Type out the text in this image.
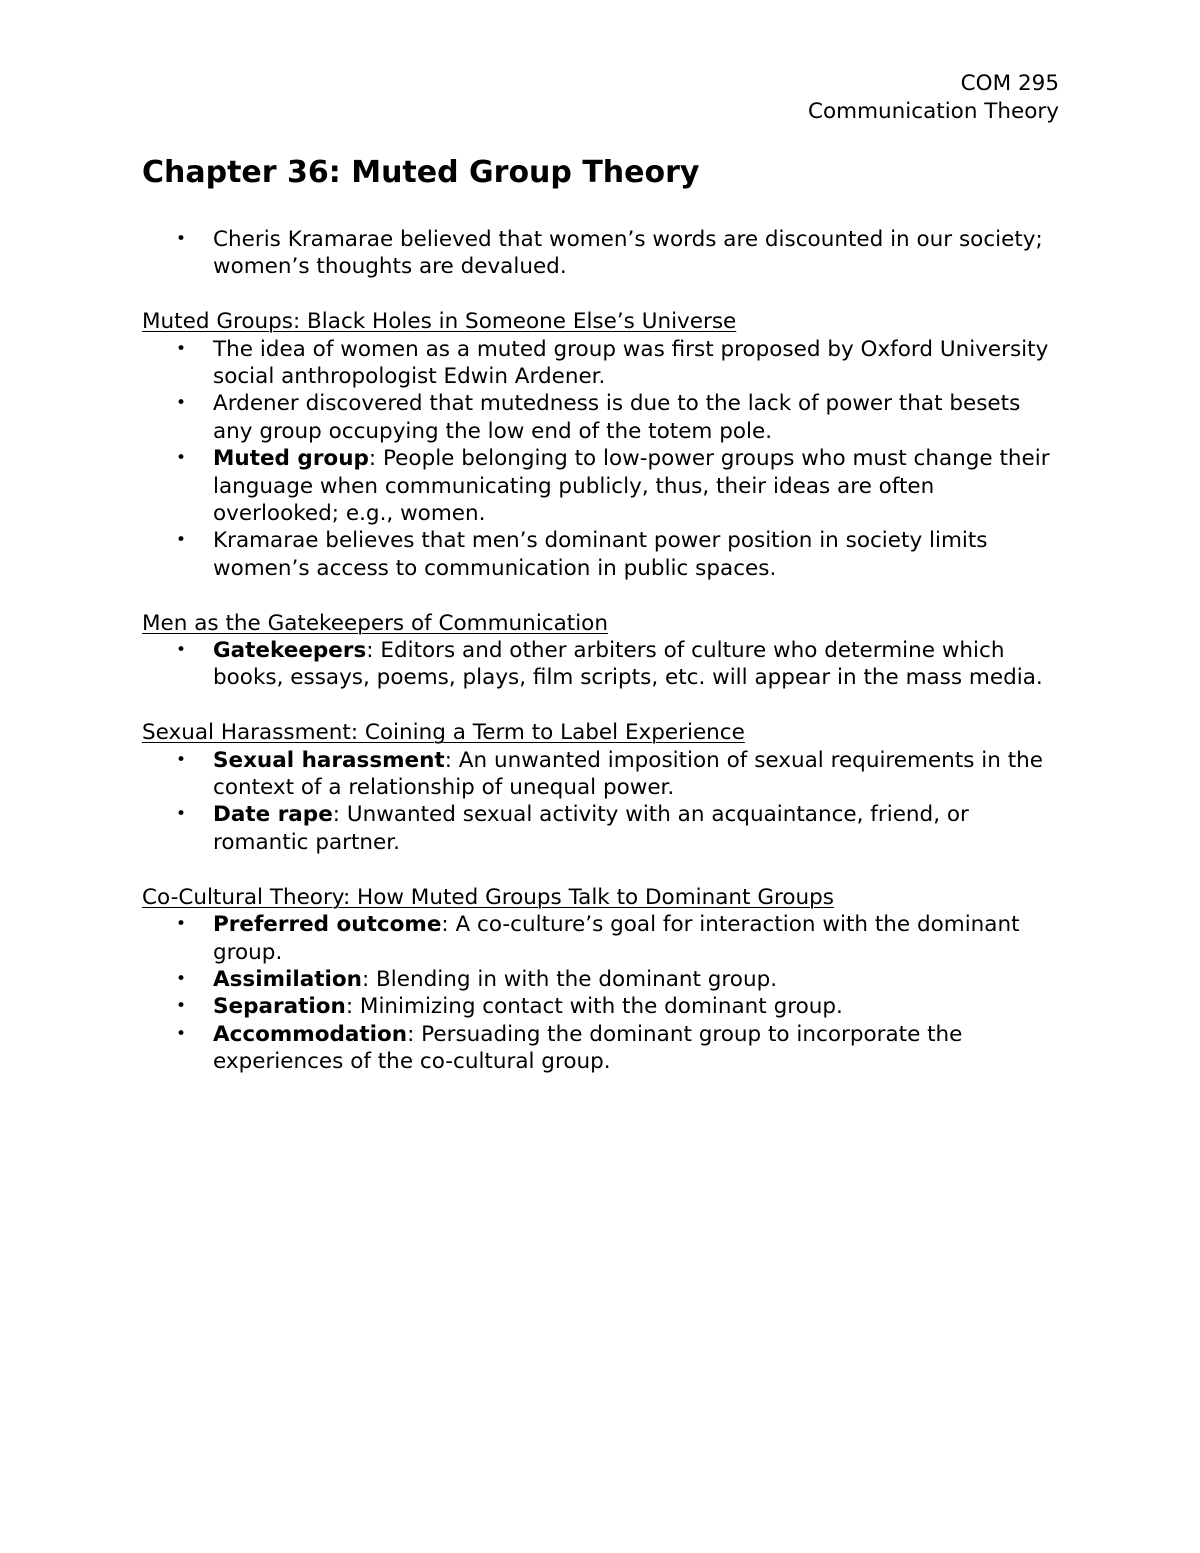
COM 295
Communication Theory
Chapter 36: Muted Group Theory
• Cheris Kramarae believed that women’s words are discounted in our society; women’s thoughts are devalued.
Muted Groups: Black Holes in Someone Else’s Universe
• The idea of women as a muted group was first proposed by Oxford University social anthropologist Edwin Ardener.
• Ardener discovered that mutedness is due to the lack of power that besets any group occupying the low end of the totem pole.
• Muted group: People belonging to low-power groups who must change their language when communicating publicly, thus, their ideas are often overlooked; e.g., women.
• Kramarae believes that men’s dominant power position in society limits women’s access to communication in public spaces.
Men as the Gatekeepers of Communication
• Gatekeepers: Editors and other arbiters of culture who determine which books, essays, poems, plays, film scripts, etc. will appear in the mass media.
Sexual Harassment: Coining a Term to Label Experience
• Sexual harassment: An unwanted imposition of sexual requirements in the context of a relationship of unequal power.
• Date rape: Unwanted sexual activity with an acquaintance, friend, or romantic partner.
Co-Cultural Theory: How Muted Groups Talk to Dominant Groups
• Preferred outcome: A co-culture’s goal for interaction with the dominant group.
• Assimilation: Blending in with the dominant group.
• Separation: Minimizing contact with the dominant group.
• Accommodation: Persuading the dominant group to incorporate the experiences of the co-cultural group.
